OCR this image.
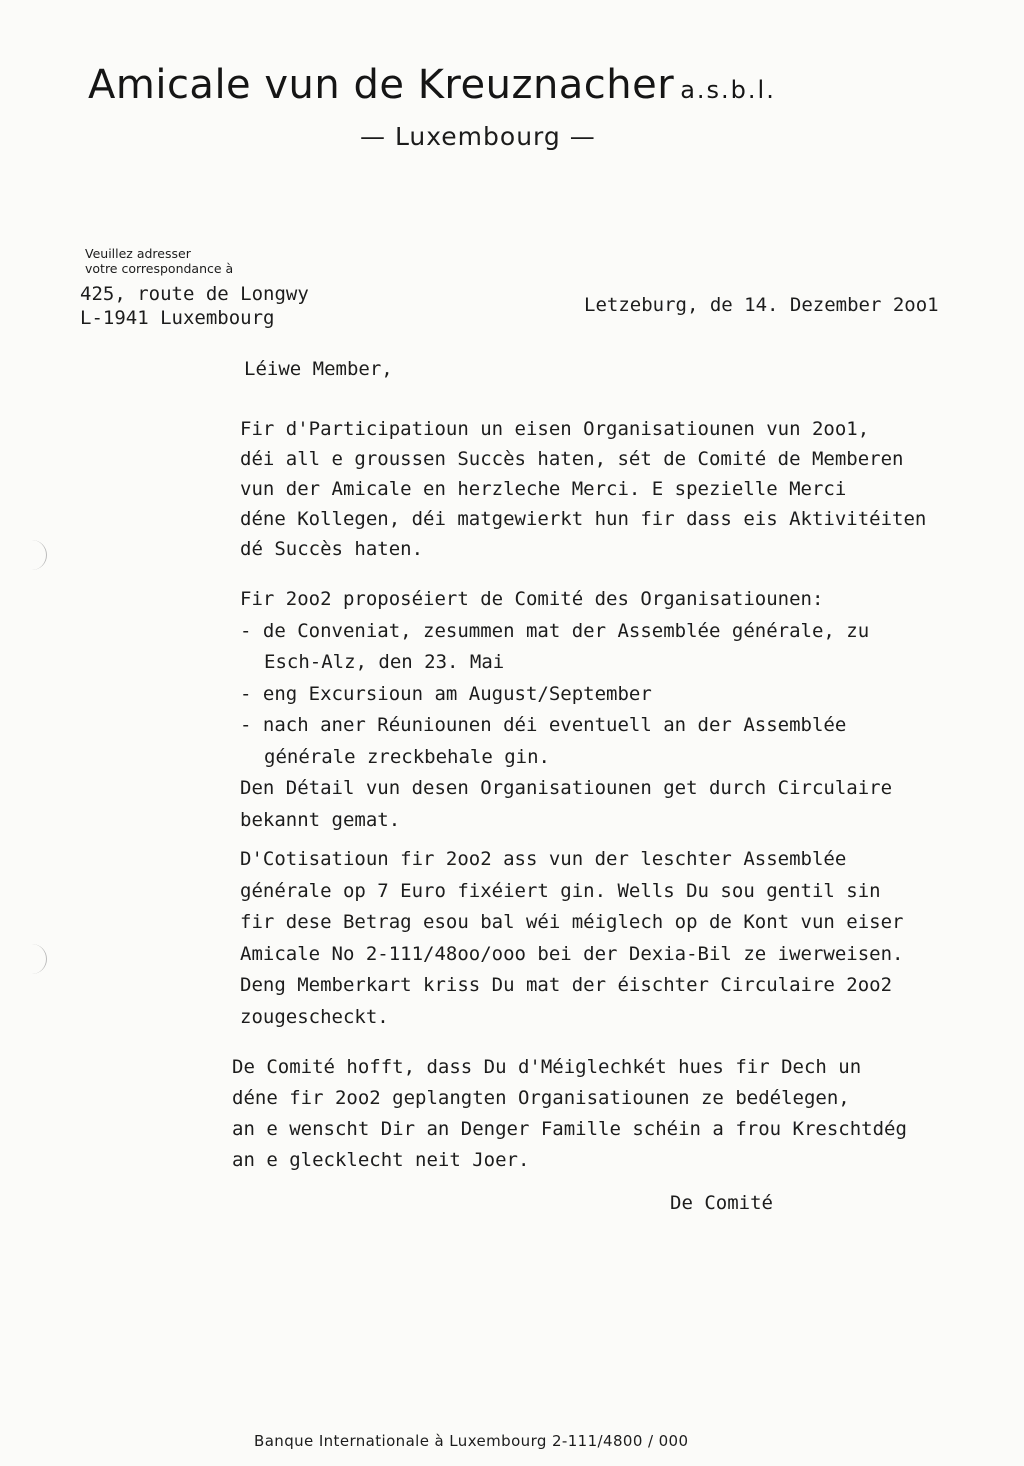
Amicale vun de Kreuznacher a.s.b.l.
— Luxembourg —
Veuillez adresser
votre correspondance à
425, route de Longwy
L-1941 Luxembourg
Letzeburg, de 14. Dezember 2oo1
Léiwe Member,
Fir d'Participatioun un eisen Organisatiounen vun 2oo1,
déi all e groussen Succès haten, sét de Comité de Memberen
vun der Amicale en herzleche Merci. E spezielle Merci
déne Kollegen, déi matgewierkt hun fir dass eis Aktivitéiten
dé Succès haten.
Fir 2oo2 proposéiert de Comité des Organisatiounen:
- de Conveniat, zesummen mat der Assemblée générale, zu
Esch-Alz, den 23. Mai
- eng Excursioun am August/September
- nach aner Réuniounen déi eventuell an der Assemblée
générale zreckbehale gin.
Den Détail vun desen Organisatiounen get durch Circulaire
bekannt gemat.
D'Cotisatioun fir 2oo2 ass vun der leschter Assemblée
générale op 7 Euro fixéiert gin. Wells Du sou gentil sin
fir dese Betrag esou bal wéi méiglech op de Kont vun eiser
Amicale No 2-111/48oo/ooo bei der Dexia-Bil ze iwerweisen.
Deng Memberkart kriss Du mat der éischter Circulaire 2oo2
zougescheckt.
De Comité hofft, dass Du d'Méiglechkét hues fir Dech un
déne fir 2oo2 geplangten Organisatiounen ze bedélegen,
an e wenscht Dir an Denger Famille schéin a frou Kreschtdég
an e glecklecht neit Joer.
De Comité
Banque Internationale à Luxembourg 2-111/4800 / 000
